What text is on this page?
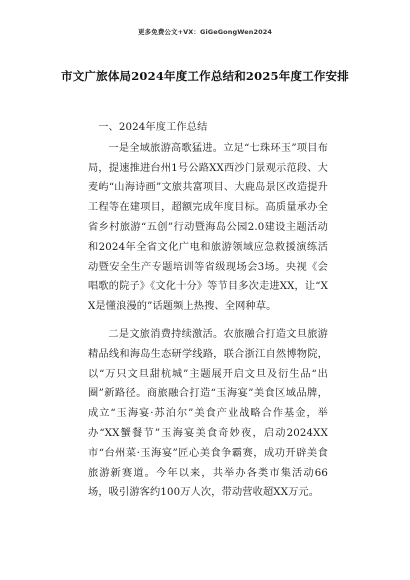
更多免费公文+VX：GiGeGongWen2024
市文广旅体局2024年度工作总结和2025年度工作安排

一、2024年度工作总结

一是全域旅游高歌猛进。立足“七珠环玉”项目布局，提速推进台州1号公路XX西沙门景观示范段、大麦屿“山海诗画”文旅共富项目、大鹿岛景区改造提升工程等在建项目，超额完成年度目标。高质量承办全省乡村旅游“五创”行动暨海岛公园2.0建设主题活动和2024年全省文化广电和旅游领域应急救援演练活动暨安全生产专题培训等省级现场会3场。央视《会唱歌的院子》《文化十分》等节目多次走进XX，让“XX是懂浪漫的”话题频上热搜、全网种草。

二是文旅消费持续激活。农旅融合打造文旦旅游精品线和海岛生态研学线路，联合浙江自然博物院，以“万只文旦甜杭城”主题展开启文旦及衍生品“出圈”新路径。商旅融合打造“玉海宴”美食区域品牌，成立“玉海宴·苏泊尔”美食产业战略合作基金，举办“XX蟹餐节”玉海宴美食奇妙夜，启动2024XX市“台州菜·玉海宴”匠心美食争霸赛，成功开辟美食旅游新赛道。今年以来，共举办各类市集活动66场，吸引游客约100万人次，带动营收超XX万元。
